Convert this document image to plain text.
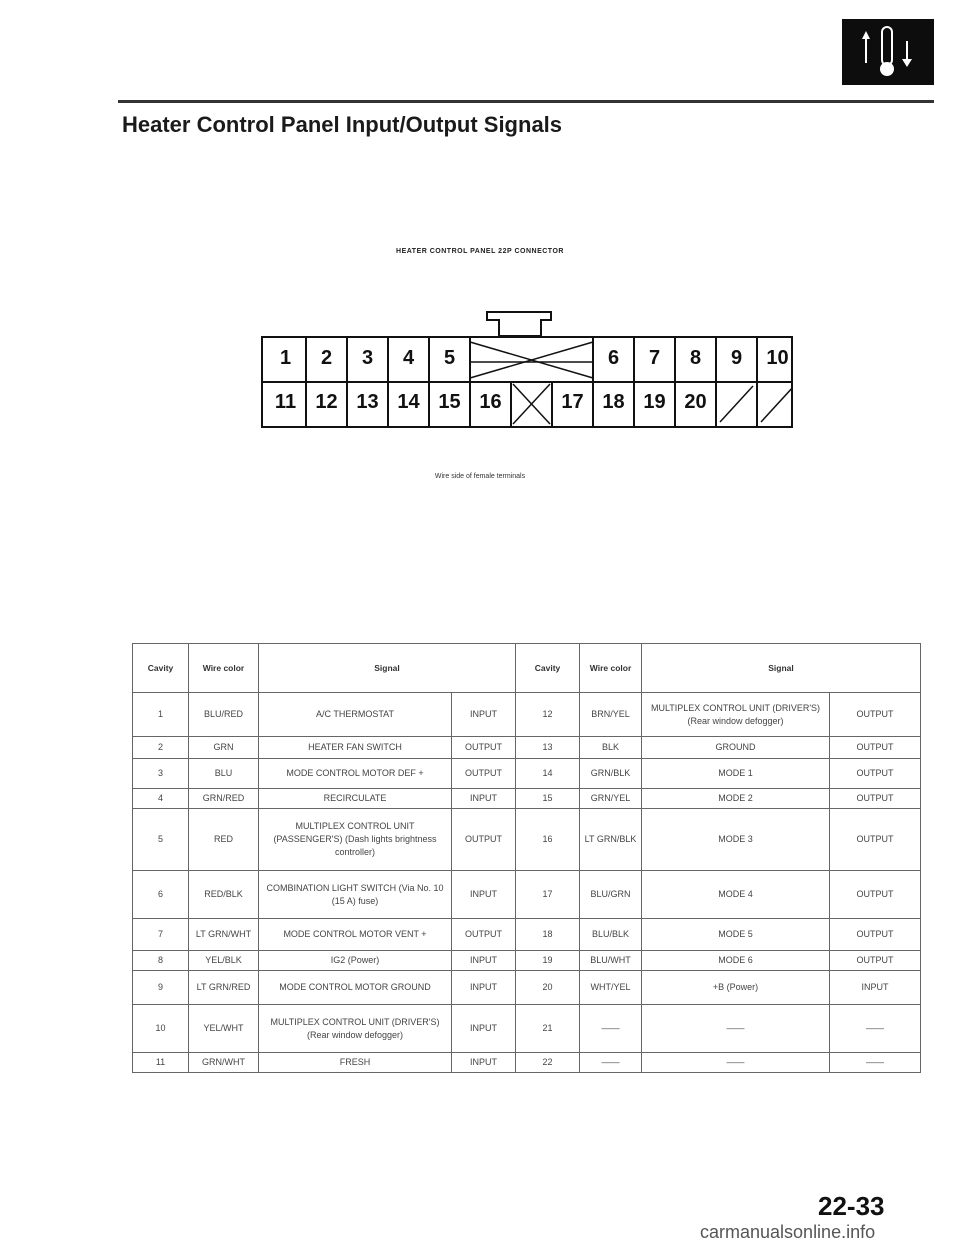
Heater Control Panel Input/Output Signals
HEATER CONTROL PANEL 22P CONNECTOR
1	2	3	4	5	6	7	8	9	10
11 12 13 14 15 16	17 18 19 20
Wire side of female terminals
Cavity	Wire color	Signal		Cavity	Wire color	Signal	
1	BLU/RED	A/C THERMOSTAT	INPUT	12	BRN/YEL	MULTIPLEX CONTROL UNIT (DRIVER'S) (Rear window defogger)	OUTPUT
2	GRN	HEATER FAN SWITCH	OUTPUT	13	BLK	GROUND	OUTPUT
3	BLU	MODE CONTROL MOTOR DEF +	OUTPUT	14	GRN/BLK	MODE 1	OUTPUT
4	GRN/RED	RECIRCULATE	INPUT	15	GRN/YEL	MODE 2	OUTPUT
5	RED	MULTIPLEX CONTROL UNIT (PASSENGER'S) (Dash lights brightness controller)	OUTPUT	16	LT GRN/BLK	MODE 3	OUTPUT
6	RED/BLK	COMBINATION LIGHT SWITCH (Via No. 10 (15 A) fuse)	INPUT	17	BLU/GRN	MODE 4	OUTPUT
7	LT GRN/WHT	MODE CONTROL MOTOR VENT +	OUTPUT	18	BLU/BLK	MODE 5	OUTPUT
8	YEL/BLK	IG2 (Power)	INPUT	19	BLU/WHT	MODE 6	OUTPUT
9	LT GRN/RED	MODE CONTROL MOTOR GROUND	INPUT	20	WHT/YEL	+B (Power)	INPUT
10	YEL/WHT	MULTIPLEX CONTROL UNIT (DRIVER'S) (Rear window defogger)	INPUT	21	——	——	——
11	GRN/WHT	FRESH	INPUT	22	——	——	——
22-33
carmanualsonline.info
